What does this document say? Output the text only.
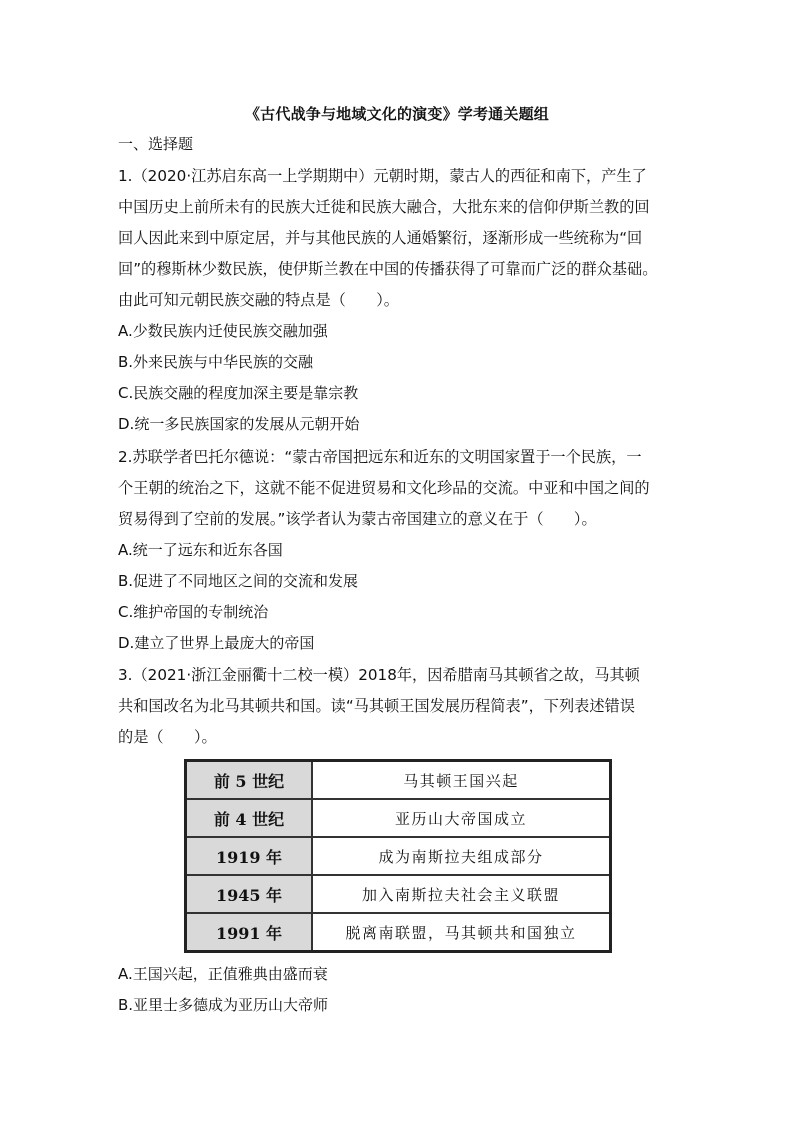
《古代战争与地域文化的演变》学考通关题组
一、选择题
1.（2020·江苏启东高一上学期期中）元朝时期，蒙古人的西征和南下，产生了
中国历史上前所未有的民族大迁徙和民族大融合，大批东来的信仰伊斯兰教的回
回人因此来到中原定居，并与其他民族的人通婚繁衍，逐渐形成一些统称为“回
回”的穆斯林少数民族，使伊斯兰教在中国的传播获得了可靠而广泛的群众基础。
由此可知元朝民族交融的特点是（　　）。
A.少数民族内迁使民族交融加强
B.外来民族与中华民族的交融
C.民族交融的程度加深主要是靠宗教
D.统一多民族国家的发展从元朝开始
2.苏联学者巴托尔德说：“蒙古帝国把远东和近东的文明国家置于一个民族，一
个王朝的统治之下，这就不能不促进贸易和文化珍品的交流。中亚和中国之间的
贸易得到了空前的发展。”该学者认为蒙古帝国建立的意义在于（　　）。
A.统一了远东和近东各国
B.促进了不同地区之间的交流和发展
C.维护帝国的专制统治
D.建立了世界上最庞大的帝国
3.（2021·浙江金丽衢十二校一模）2018年，因希腊南马其顿省之故，马其顿
共和国改名为北马其顿共和国。读“马其顿王国发展历程简表”，下列表述错误
的是（　　）。
前 5 世纪	马其顿王国兴起
前 4 世纪	亚历山大帝国成立
1919 年	成为南斯拉夫组成部分
1945 年	加入南斯拉夫社会主义联盟
1991 年	脱离南联盟，马其顿共和国独立
A.王国兴起，正值雅典由盛而衰
B.亚里士多德成为亚历山大帝师
